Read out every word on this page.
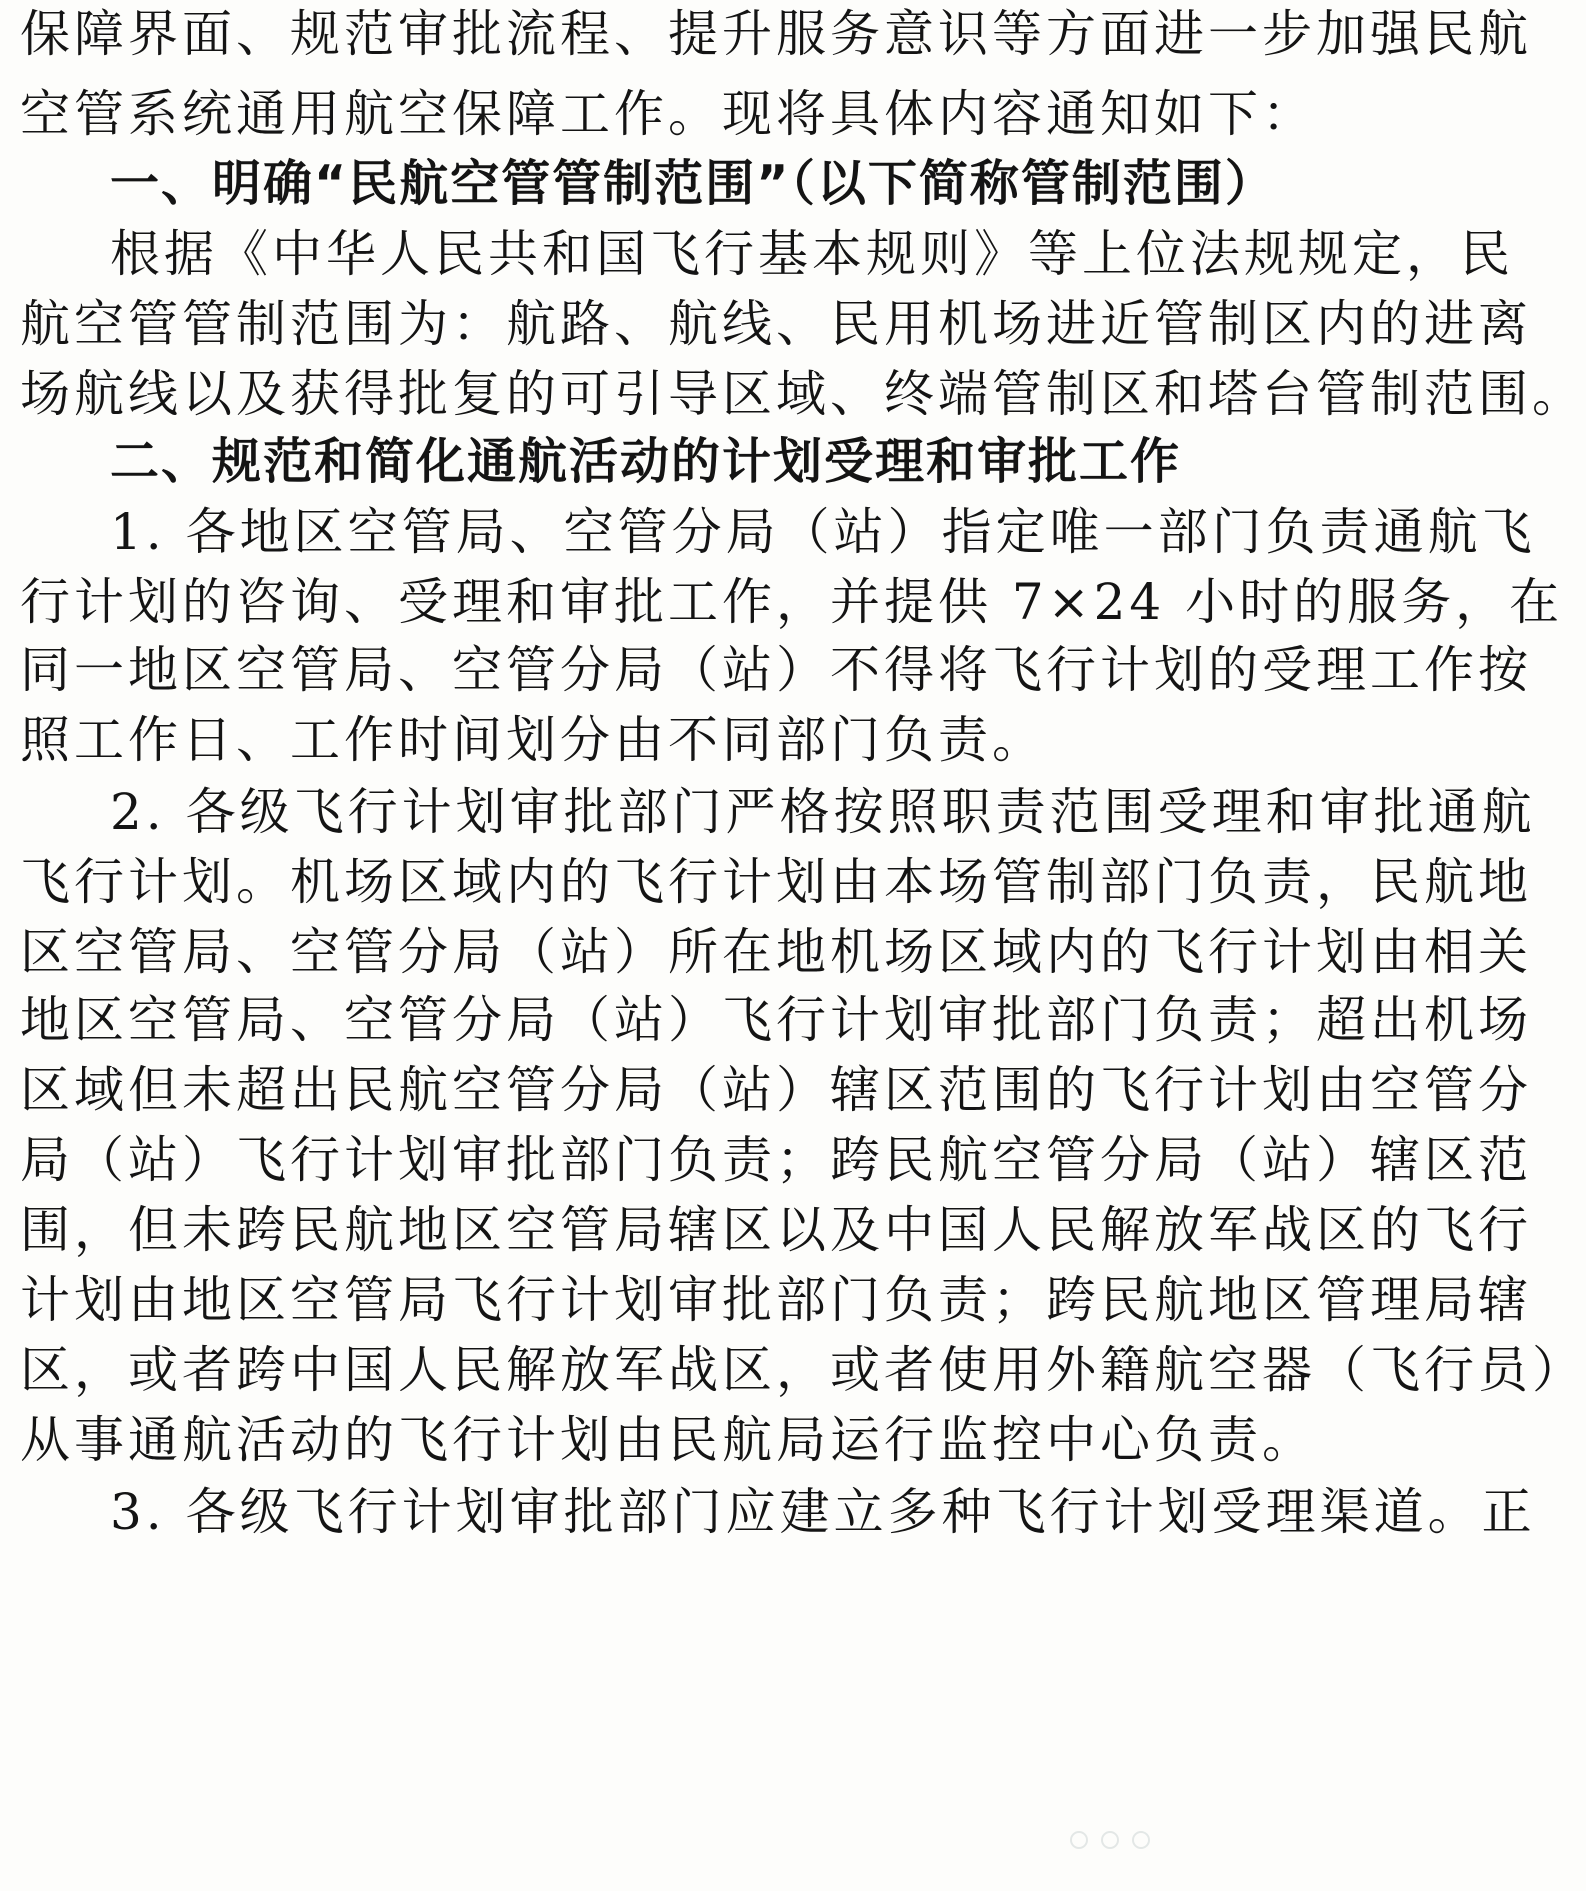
保障界面、规范审批流程、提升服务意识等方面进一步加强民航
空管系统通用航空保障工作。现将具体内容通知如下：
一、明确“民航空管管制范围”（以下简称管制范围）
根据《中华人民共和国飞行基本规则》等上位法规规定，民
航空管管制范围为：航路、航线、民用机场进近管制区内的进离
场航线以及获得批复的可引导区域、终端管制区和塔台管制范围。
二、规范和简化通航活动的计划受理和审批工作
1. 各地区空管局、空管分局（站）指定唯一部门负责通航飞
行计划的咨询、受理和审批工作，并提供 7×24 小时的服务，在
同一地区空管局、空管分局（站）不得将飞行计划的受理工作按
照工作日、工作时间划分由不同部门负责。
2. 各级飞行计划审批部门严格按照职责范围受理和审批通航
飞行计划。机场区域内的飞行计划由本场管制部门负责，民航地
区空管局、空管分局（站）所在地机场区域内的飞行计划由相关
地区空管局、空管分局（站）飞行计划审批部门负责；超出机场
区域但未超出民航空管分局（站）辖区范围的飞行计划由空管分
局（站）飞行计划审批部门负责；跨民航空管分局（站）辖区范
围，但未跨民航地区空管局辖区以及中国人民解放军战区的飞行
计划由地区空管局飞行计划审批部门负责；跨民航地区管理局辖
区，或者跨中国人民解放军战区，或者使用外籍航空器（飞行员）
从事通航活动的飞行计划由民航局运行监控中心负责。
3. 各级飞行计划审批部门应建立多种飞行计划受理渠道。正
